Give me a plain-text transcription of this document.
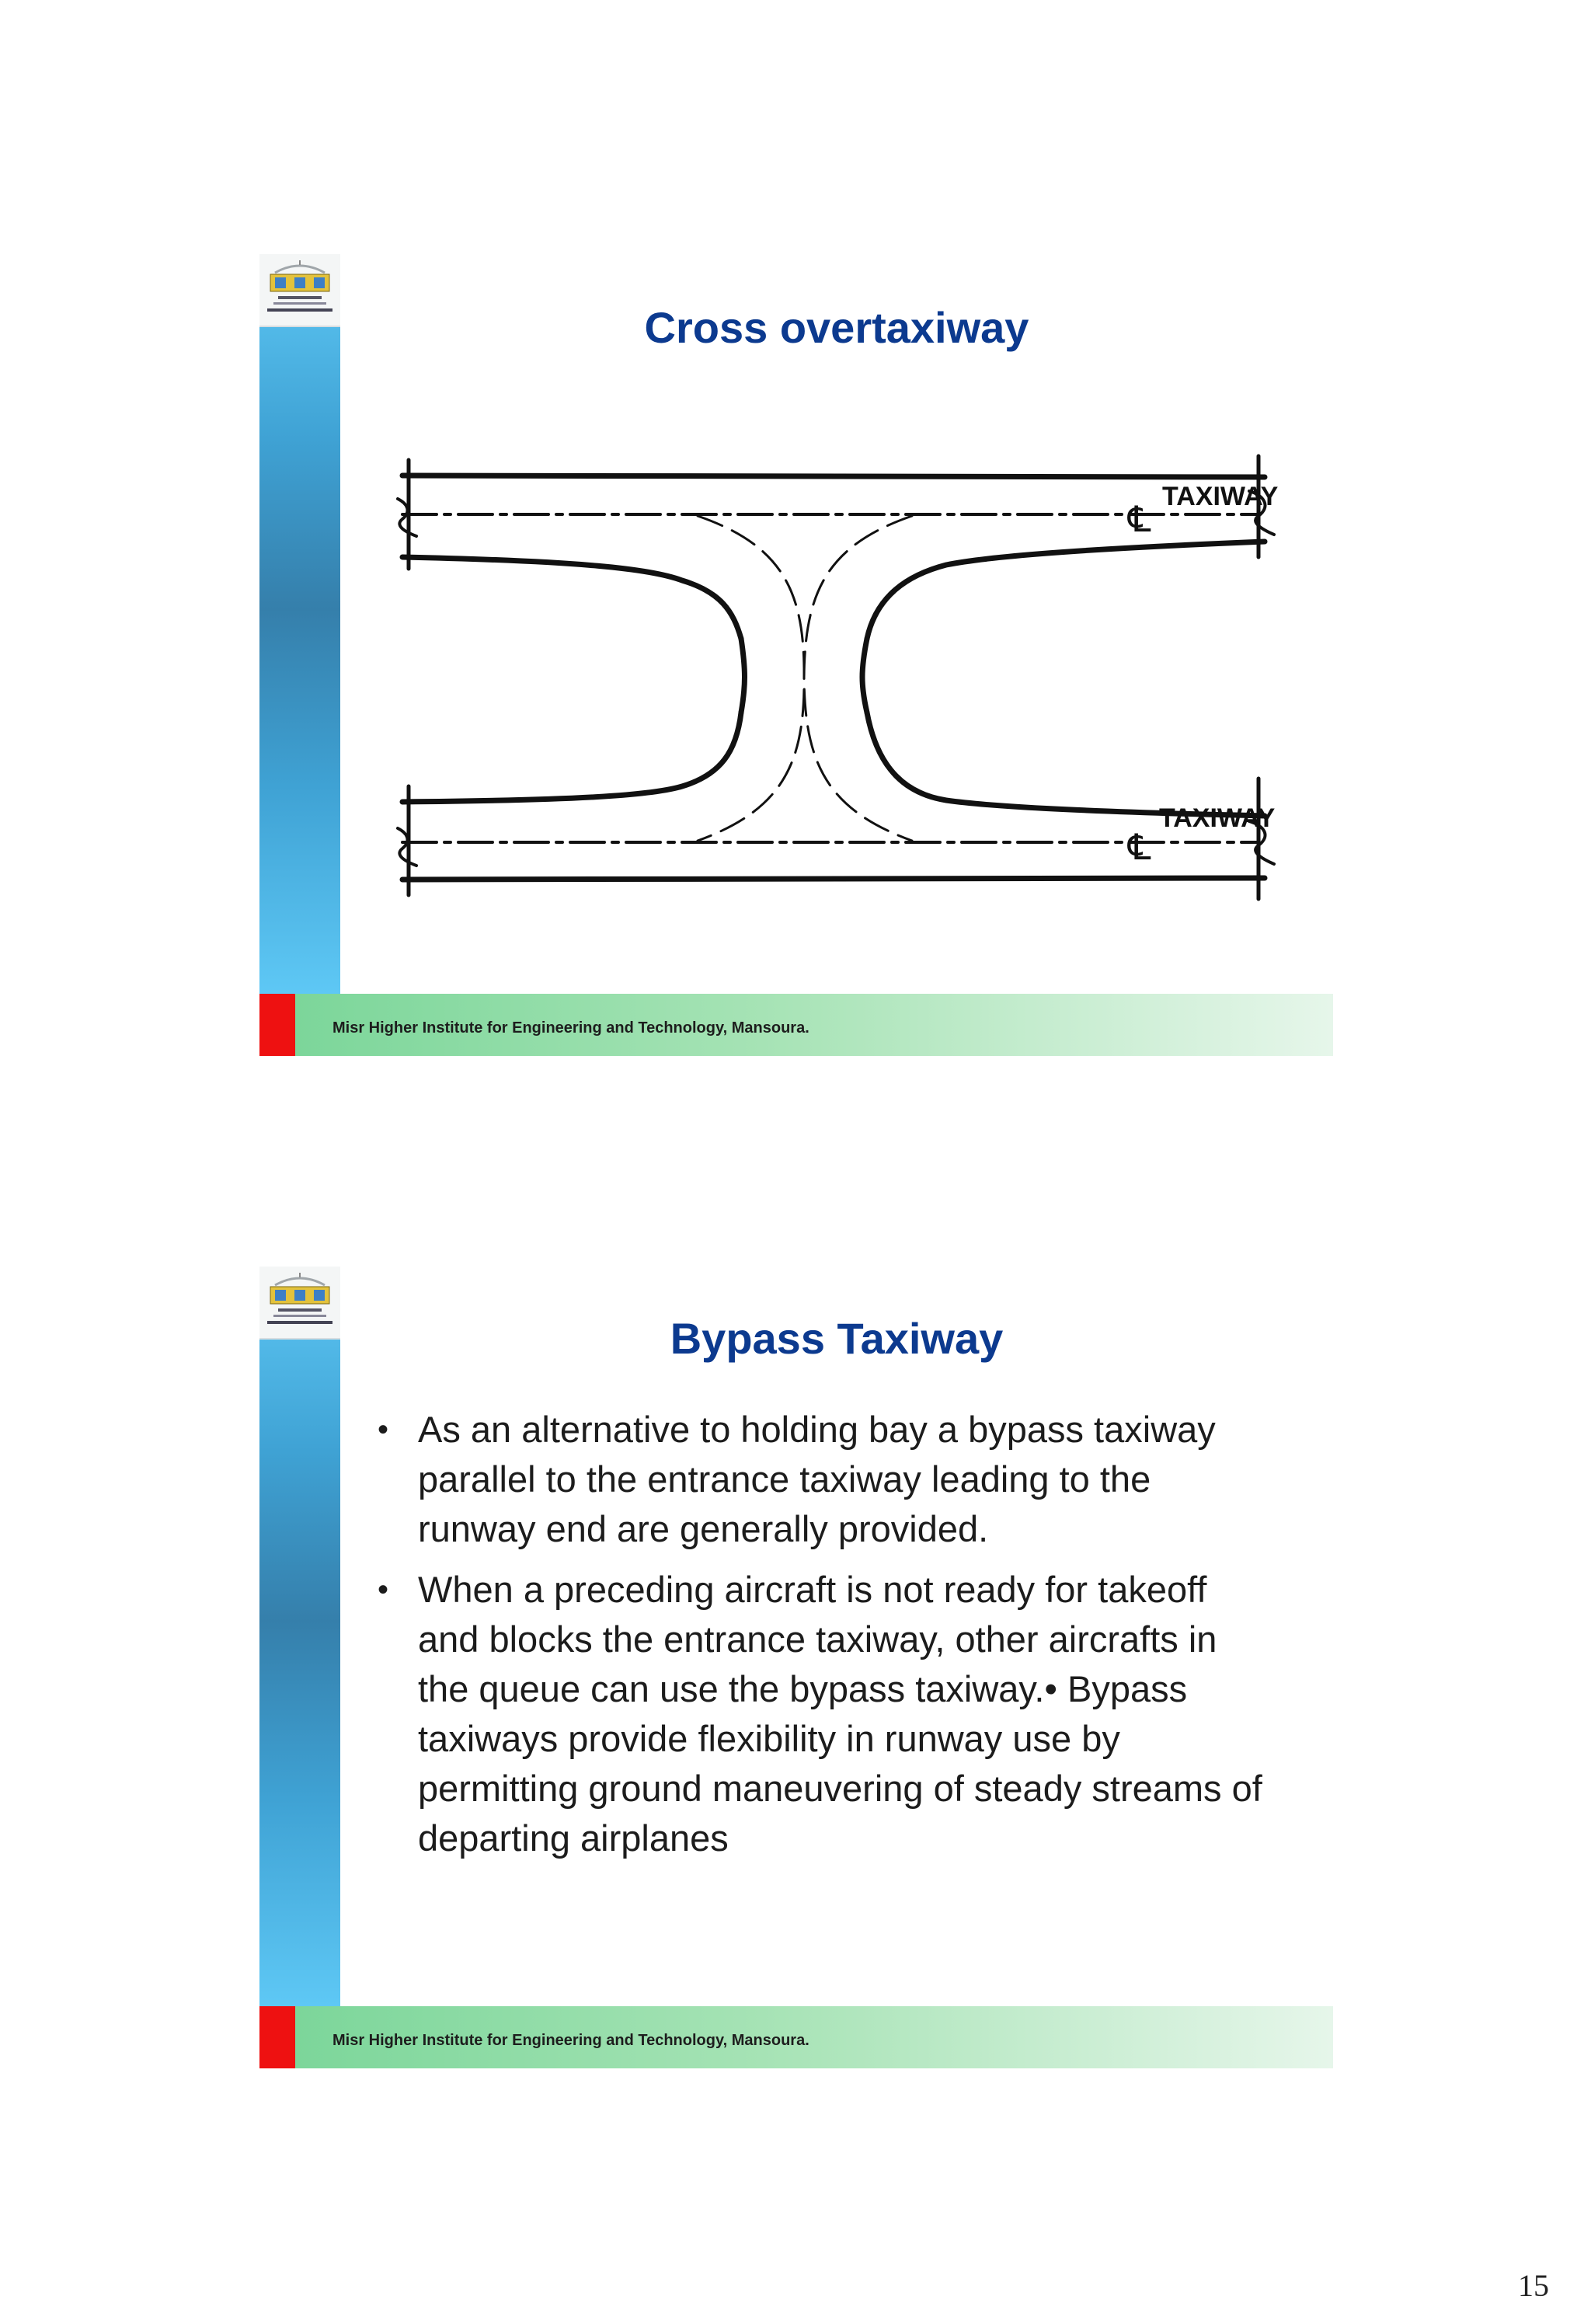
Cross overtaxiway
TAXIWAY
TAXIWAY
℄
℄
Misr Higher Institute for Engineering and Technology, Mansoura.
Bypass Taxiway
• As an alternative to holding bay a bypass taxiway parallel to the entrance taxiway leading to the runway end are generally provided.
• When a preceding aircraft is not ready for takeoff and blocks the entrance taxiway, other aircrafts in the queue can use the bypass taxiway.• Bypass taxiways provide flexibility in runway use by permitting ground maneuvering of steady streams of departing airplanes
Misr Higher Institute for Engineering and Technology, Mansoura.
15
